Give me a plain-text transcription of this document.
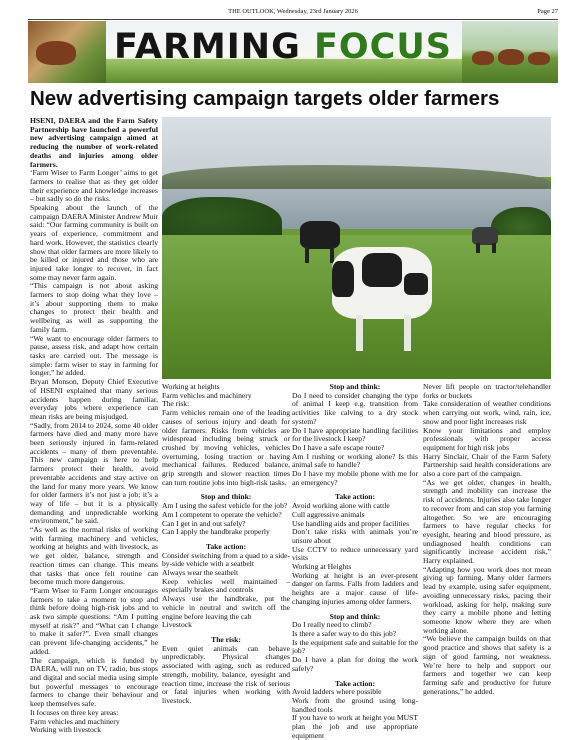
THE OUTLOOK, Wednesday, 23rd January 2026	Page 27
FARMING FOCUS
New advertising campaign targets older farmers

HSENI, DAERA and the Farm Safety Partnership have launched a powerful new advertising campaign aimed at reducing the number of work-related deaths and injuries among older farmers.

‘Farm Wiser to Farm Longer’ aims to get farmers to realise that as they get older their experience and knowledge increases – but sadly so do the risks.

Speaking about the launch of the campaign DAERA Minister Andrew Muir said: “Our farming community is built on years of experience, commitment and hard work. However, the statistics clearly show that older farmers are more likely to be killed or injured and those who are injured take longer to recover, in fact some may never farm again.

“This campaign is not about asking farmers to stop doing what they love – it’s about supporting them to make changes to protect their health and wellbeing as well as supporting the family farm.

“We want to encourage older farmers to pause, assess risk, and adapt how certain tasks are carried out. The message is simple: farm wiser to stay in farming for longer,” he added.

Bryan Monson, Deputy Chief Executive of HSENI explained that many serious accidents happen during familiar, everyday jobs where experience can mean risks are being misjudged.

“Sadly, from 2014 to 2024, some 40 older farmers have died and many more have been seriously injured in farm-related accidents – many of them preventable. This new campaign is here to help farmers protect their health, avoid preventable accidents and stay active on the land for many more years. We know for older farmers it’s not just a job; it’s a way of life – but it is a physically demanding and unpredictable working environment,” he said.

“As well as the normal risks of working with farming machinery and vehicles, working at heights and with livestock, as we get older, balance, strength and reaction times can change. This means that tasks that once felt routine can become much more dangerous.

“Farm Wiser to Farm Longer encourages farmers to take a moment to stop and think before doing high-risk jobs and to ask two simple questions: “Am I putting myself at risk?” and “What can I change to make it safer?”. Even small changes can prevent life-changing accidents,” he added.

The campaign, which is funded by DAERA, will run on TV, radio, bus stops and digital and social media using simple but powerful messages to encourage farmers to change their behaviour and keep themselves safe.

It focuses on three key areas:

Farm vehicles and machinery

Working with livestock

Working at heights

Farm vehicles and machinery

The risk:

Farm vehicles remain one of the leading causes of serious injury and death for older farmers. Risks from vehicles are widespread including being struck or crushed by moving vehicles, vehicles overturning, losing traction or having mechanical failures. Reduced balance, grip strength and slower reaction times can turn routine jobs into high-risk tasks.

Stop and think:

Am I using the safest vehicle for the job?

Am I competent to operate the vehicle?

Can I get in and out safely?

Can I apply the handbrake properly

Take action:

Consider switching from a quad to a side-by-side vehicle with a seatbelt

Always wear the seatbelt

Keep vehicles well maintained – especially brakes and controls

Always use the handbrake, put the vehicle in neutral and switch off the engine before leaving the cab

Livestock

The risk:

Even quiet animals can behave unpredictably. Physical changes associated with aging, such as reduced strength, mobility, balance, eyesight and reaction time, increase the risk of serious or fatal injuries when working with livestock.

Stop and think:

Do I need to consider changing the type of animal I keep e.g. transition from activities like calving to a dry stock system?

Do I have appropriate handling facilities for the livestock I keep?

Do I have a safe escape route?

Am I rushing or working alone? Is this animal safe to handle?

Do I have my mobile phone with me for an emergency?

Take action:

Avoid working alone with cattle

Cull aggressive animals

Use handling aids and proper facilities

Don’t take risks with animals you’re unsure about

Use CCTV to reduce unnecessary yard visits

Working at Heights

Working at height is an ever-present danger on farms. Falls from ladders and heights are a major cause of life-changing injuries among older farmers.

Stop and think:

Do I really need to climb?

Is there a safer way to do this job?

Is the equipment safe and suitable for the job?

Do I have a plan for doing the work safely?

Take action:

Avoid ladders where possible

Work from the ground using long-handled tools

If you have to work at height you MUST plan the job and use appropriate equipment

Never lift people on tractor/telehandler forks or buckets

Take consideration of weather conditions when carrying out work, wind, rain, ice, snow and poor light increases risk

Know your limitations and employ professionals with proper access equipment for high risk jobs

Harry Sinclair, Chair of the Farm Safety Partnership said health considerations are also a core part of the campaign.

“As we get older, changes in health, strength and mobility can increase the risk of accidents. Injuries also take longer to recover from and can stop you farming altogether. So we are encouraging farmers to have regular checks for eyesight, hearing and blood pressure, as undiagnosed health conditions can significantly increase accident risk,” Harry explained.

“Adapting how you work does not mean giving up farming. Many older farmers lead by example, using safer equipment, avoiding unnecessary risks, pacing their workload, asking for help, making sure they carry a mobile phone and letting someone know where they are when working alone.

“We believe the campaign builds on that good practice and shows that safety is a sign of good farming, not weakness. We’re here to help and support our farmers and together we can keep farming safe and productive for future generations,” he added.
